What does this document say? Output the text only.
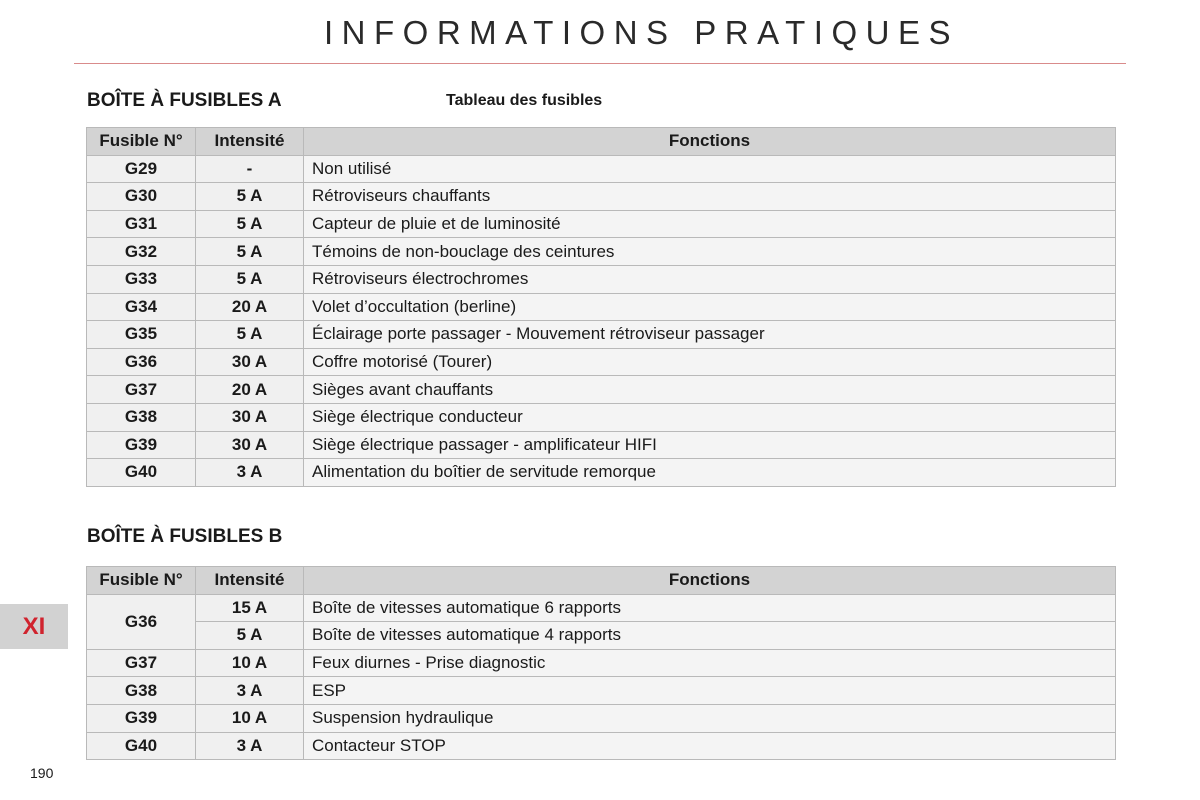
INFORMATIONS PRATIQUES
BOÎTE À FUSIBLES A	Tableau des fusibles
Fusible N°	Intensité	Fonctions
G29	-	Non utilisé
G30	5 A	Rétroviseurs chauffants
G31	5 A	Capteur de pluie et de luminosité
G32	5 A	Témoins de non-bouclage des ceintures
G33	5 A	Rétroviseurs électrochromes
G34	20 A	Volet d’occultation (berline)
G35	5 A	Éclairage porte passager - Mouvement rétroviseur passager
G36	30 A	Coffre motorisé (Tourer)
G37	20 A	Sièges avant chauffants
G38	30 A	Siège électrique conducteur
G39	30 A	Siège électrique passager - amplificateur HIFI
G40	3 A	Alimentation du boîtier de servitude remorque
BOÎTE À FUSIBLES B
Fusible N°	Intensité	Fonctions
G36	15 A	Boîte de vitesses automatique 6 rapports
	5 A	Boîte de vitesses automatique 4 rapports
G37	10 A	Feux diurnes - Prise diagnostic
G38	3 A	ESP
G39	10 A	Suspension hydraulique
G40	3 A	Contacteur STOP
XI
190
